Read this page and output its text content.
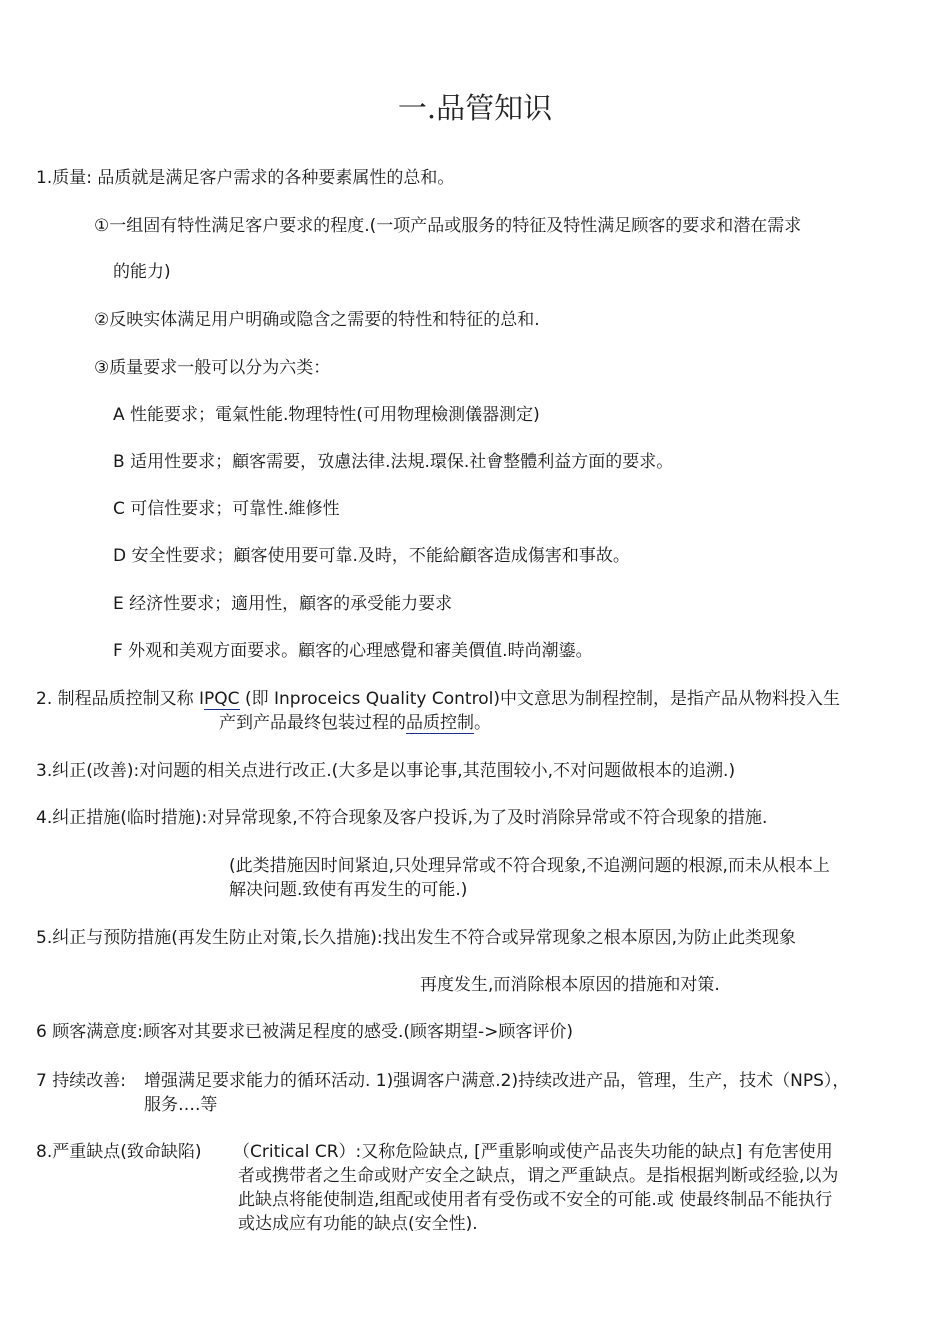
一.品管知识
1.质量: 品质就是满足客户需求的各种要素属性的总和。
①一组固有特性满足客户要求的程度.(一项产品或服务的特征及特性满足顾客的要求和潜在需求
的能力)
②反映实体满足用户明确或隐含之需要的特性和特征的总和.
③质量要求一般可以分为六类：
A 性能要求；電氣性能.物理特性(可用物理檢測儀器測定)
B 适用性要求；顧客需要，攷慮法律.法規.環保.社會整體利益方面的要求。
C 可信性要求；可靠性.維修性
D 安全性要求；顧客使用要可靠.及時，不能給顧客造成傷害和事故。
E 经济性要求；適用性，顧客的承受能力要求
F 外观和美观方面要求。顧客的心理感覺和審美價值.時尚潮鎏。
2. 制程品质控制又称 IPQC (即 Inproceics Quality Control)中文意思为制程控制，是指产品从物料投入生
产到产品最终包装过程的品质控制。
3.纠正(改善):对问题的相关点进行改正.(大多是以事论事,其范围较小,不对问题做根本的追溯.)
4.纠正措施(临时措施):对异常现象,不符合现象及客户投诉,为了及时消除异常或不符合现象的措施.
(此类措施因时间紧迫,只处理异常或不符合现象,不追溯问题的根源,而未从根本上
解决问题.致使有再发生的可能.)
5.纠正与预防措施(再发生防止对策,长久措施):找出发生不符合或异常现象之根本原因,为防止此类现象
再度发生,而消除根本原因的措施和对策.
6 顾客满意度:顾客对其要求已被满足程度的感受.(顾客期望->顾客评价)
7 持续改善: 增强满足要求能力的循环活动. 1)强调客户满意.2)持续改进产品，管理，生产，技术（NPS），
服务….等
8.严重缺点(致命缺陷) （Critical CR）:又称危险缺点, [严重影响或使产品丧失功能的缺点] 有危害使用
者或携带者之生命或财产安全之缺点，谓之严重缺点。是指根据判断或经验,以为
此缺点将能使制造,组配或使用者有受伤或不安全的可能.或 使最终制品不能执行
或达成应有功能的缺点(安全性).
